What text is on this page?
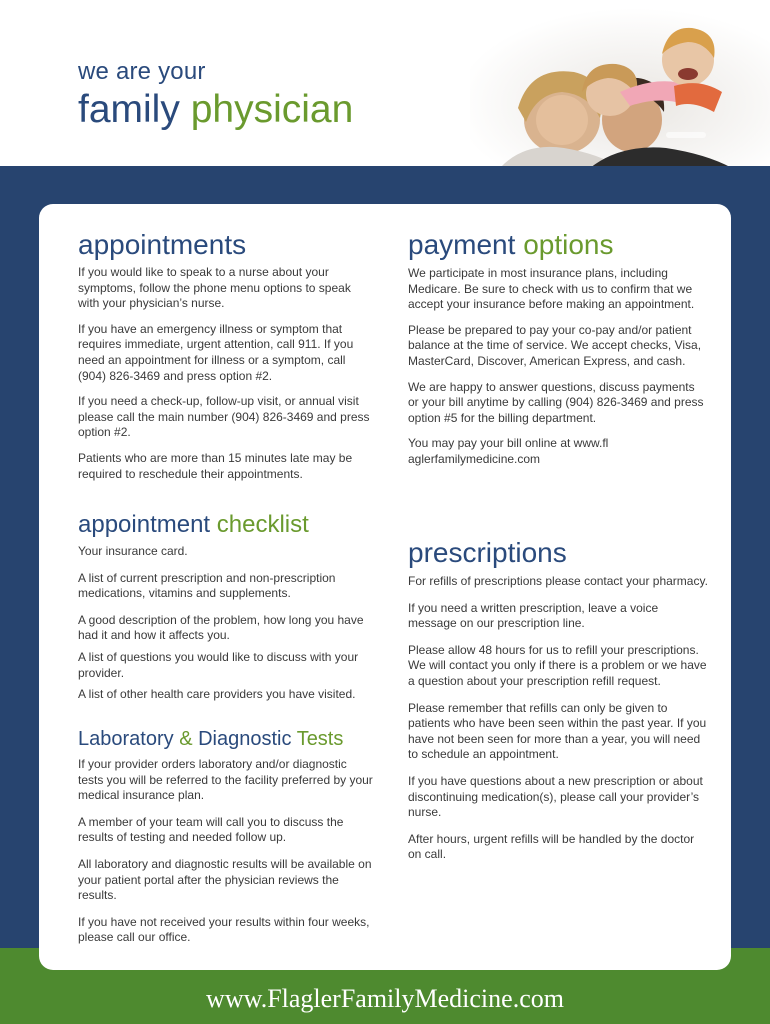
we are your
family physician
appointments

If you would like to speak to a nurse about your symptoms, follow the phone menu options to speak with your physician’s nurse.

If you have an emergency illness or symptom that requires immediate, urgent attention, call 911. If you need an appointment for illness or a symptom, call (904) 826-3469 and press option #2.

If you need a check-up, follow-up visit, or annual visit please call the main number (904) 826-3469 and press option #2.

Patients who are more than 15 minutes late may be required to reschedule their appointments.

appointment checklist

Your insurance card.

A list of current prescription and non-prescription medications, vitamins and supplements.

A good description of the problem, how long you have had it and how it affects you.

A list of questions you would like to discuss with your provider.

A list of other health care providers you have visited.

Laboratory & Diagnostic Tests

If your provider orders laboratory and/or diagnostic tests you will be referred to the facility preferred by your medical insurance plan.

A member of your team will call you to discuss the results of testing and needed follow up.

All laboratory and diagnostic results will be available on your patient portal after the physician reviews the results.

If you have not received your results within four weeks, please call our office.

payment options

We participate in most insurance plans, including Medicare. Be sure to check with us to confirm that we accept your insurance before making an appointment.

Please be prepared to pay your co-pay and/or patient balance at the time of service. We accept checks, Visa, MasterCard, Discover, American Express, and cash.

We are happy to answer questions, discuss payments or your bill anytime by calling (904) 826-3469 and press option #5 for the billing department.

You may pay your bill online at www.fl aglerfamilymedicine.com

prescriptions

For refills of prescriptions please contact your pharmacy.

If you need a written prescription, leave a voice message on our prescription line.

Please allow 48 hours for us to refill your prescriptions. We will contact you only if there is a problem or we have a question about your prescription refill request.

Please remember that refills can only be given to patients who have been seen within the past year. If you have not been seen for more than a year, you will need to schedule an appointment.

If you have questions about a new prescription or about discontinuing medication(s), please call your provider’s nurse.

After hours, urgent refills will be handled by the doctor on call.

www.FlaglerFamilyMedicine.com
